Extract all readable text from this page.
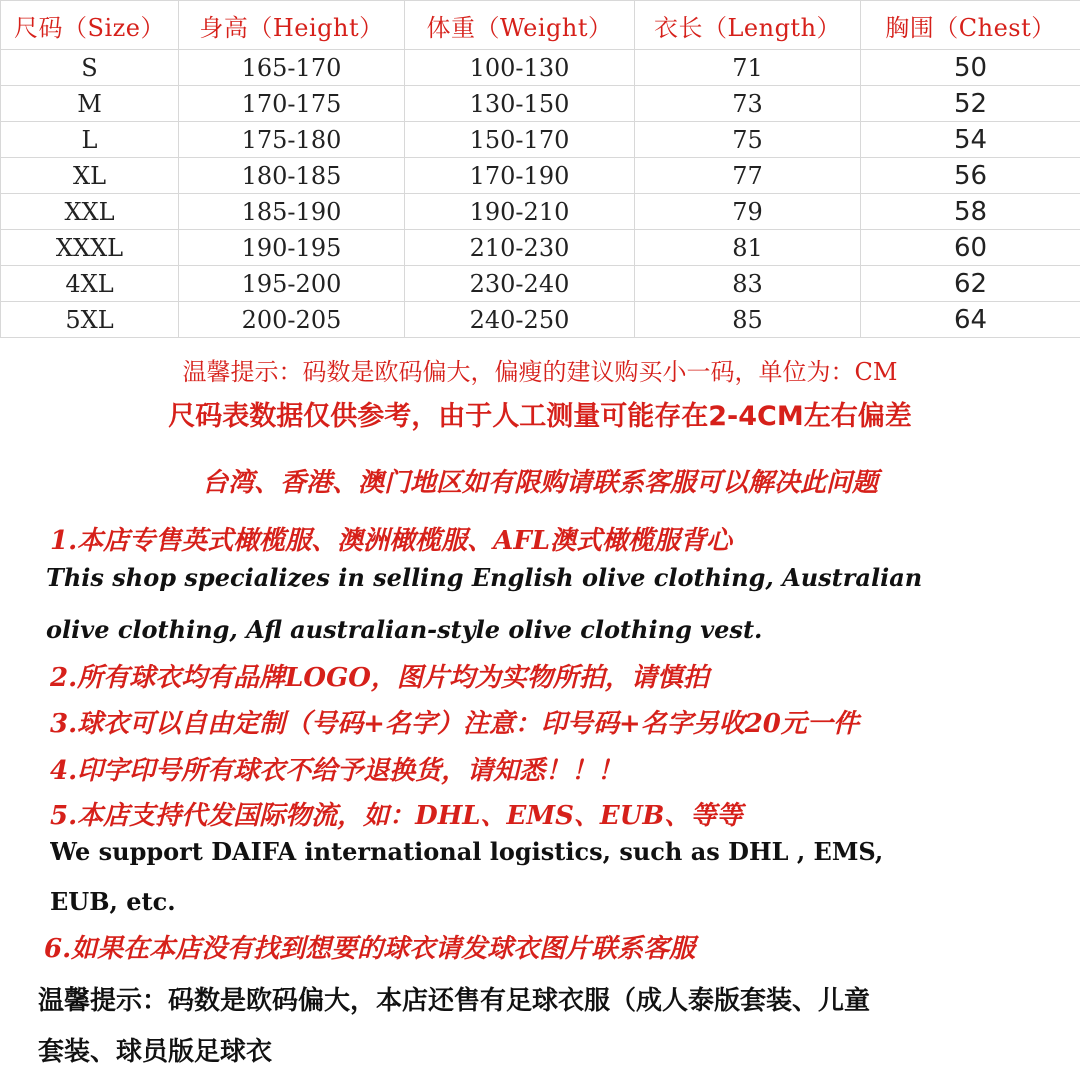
尺码（Size）	身高（Height）	体重（Weight）	衣长（Length）	胸围（Chest）
S	165-170	100-130	71	50
M	170-175	130-150	73	52
L	175-180	150-170	75	54
XL	180-185	170-190	77	56
XXL	185-190	190-210	79	58
XXXL	190-195	210-230	81	60
4XL	195-200	230-240	83	62
5XL	200-205	240-250	85	64
温馨提示：码数是欧码偏大，偏瘦的建议购买小一码，单位为：CM
尺码表数据仅供参考，由于人工测量可能存在2-4CM左右偏差
台湾、香港、澳门地区如有限购请联系客服可以解决此问题
1.本店专售英式橄榄服、澳洲橄榄服、AFL澳式橄榄服背心
This shop specializes in selling English olive clothing, Australian
olive clothing, Afl australian-style olive clothing vest.
2.所有球衣均有品牌LOGO，图片均为实物所拍，请慎拍
3.球衣可以自由定制（号码+名字）注意：印号码+名字另收20元一件
4.印字印号所有球衣不给予退换货，请知悉！！！
5.本店支持代发国际物流，如：DHL、EMS、EUB、等等
We support DAIFA international logistics, such as DHL , EMS,
EUB, etc.
6.如果在本店没有找到想要的球衣请发球衣图片联系客服
温馨提示：码数是欧码偏大，本店还售有足球衣服（成人泰版套装、儿童
套装、球员版足球衣
